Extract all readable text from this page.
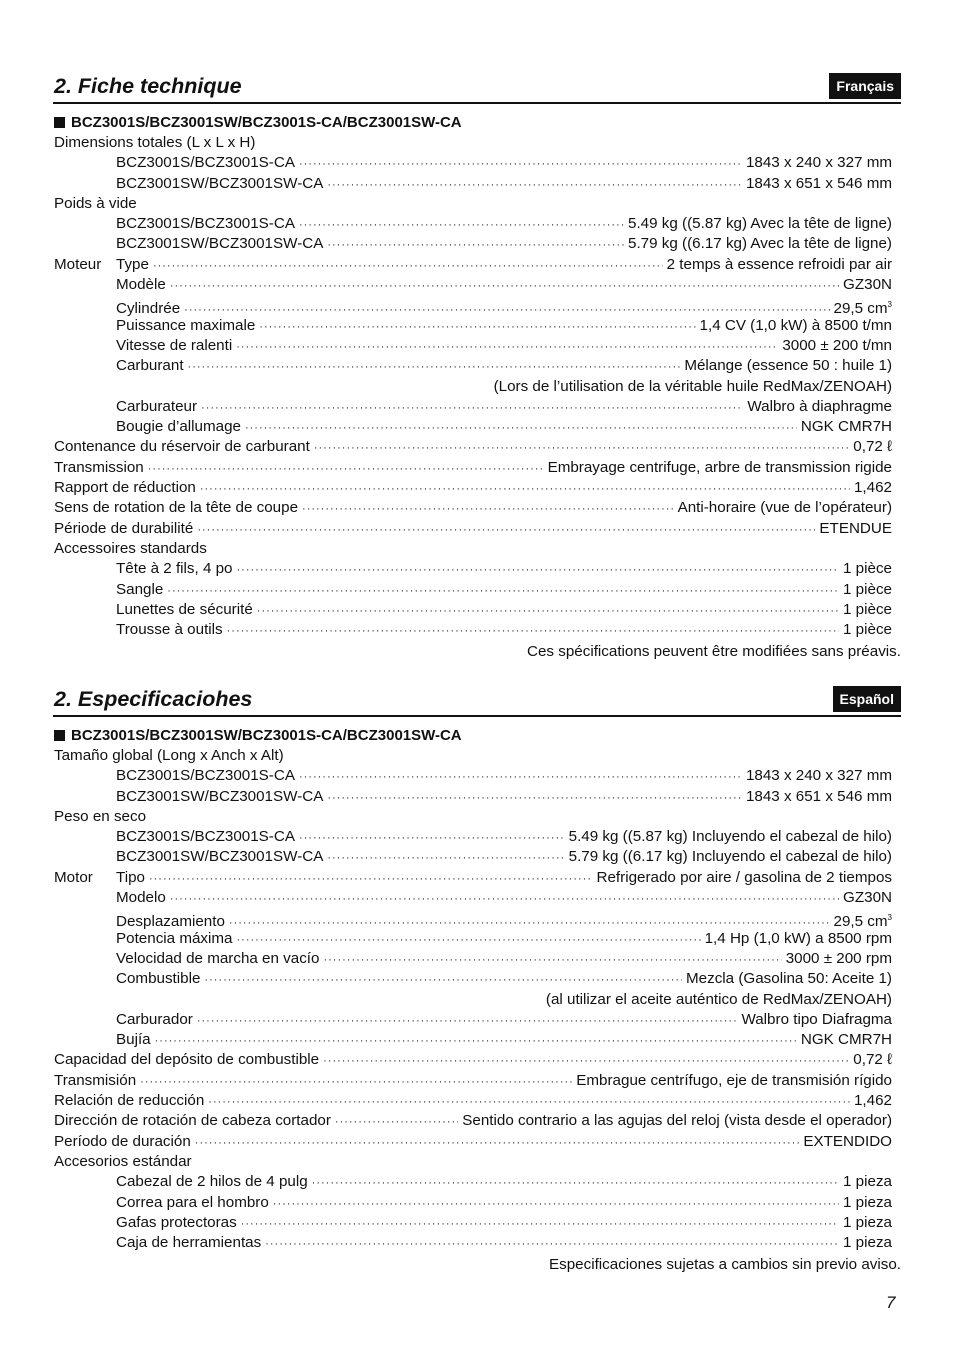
2. Fiche technique	Français
BCZ3001S/BCZ3001SW/BCZ3001S-CA/BCZ3001SW-CA
Dimensions totales (L x L x H)
BCZ3001S/BCZ3001S-CA ·····	1843 x 240 x 327 mm
BCZ3001SW/BCZ3001SW-CA ·····	1843 x 651 x 546 mm
Poids à vide
BCZ3001S/BCZ3001S-CA ·····	5.49 kg ((5.87 kg) Avec la tête de ligne)
BCZ3001SW/BCZ3001SW-CA ·····	5.79 kg ((6.17 kg) Avec la tête de ligne)
Moteur Type ·····	2 temps à essence refroidi par air
Modèle ·····	GZ30N
Cylindrée ·····	29,5 $cm^3$
Puissance maximale ·····	1,4 CV (1,0 kW) à 8500 t/mn
Vitesse de ralenti ·····	3000 ± 200 t/mn
Carburant ·····	Mélange (essence 50 : huile 1)
(Lors de l’utilisation de la véritable huile RedMax/ZENOAH)
Carburateur ·····	Walbro à diaphragme
Bougie d’allumage ·····	NGK CMR7H
Contenance du réservoir de carburant ·····	0,72 ℓ
Transmission ·····	Embrayage centrifuge, arbre de transmission rigide
Rapport de réduction ·····	1,462
Sens de rotation de la tête de coupe ·····	Anti-horaire (vue de l’opérateur)
Période de durabilité ·····	ETENDUE
Accessoires standards
Tête à 2 fils, 4 po ·····	1 pièce
Sangle ·····	1 pièce
Lunettes de sécurité ·····	1 pièce
Trousse à outils ·····	1 pièce
Ces spécifications peuvent être modifiées sans préavis.
2. Especificaciohes	Español
BCZ3001S/BCZ3001SW/BCZ3001S-CA/BCZ3001SW-CA
Tamaño global (Long x Anch x Alt)
BCZ3001S/BCZ3001S-CA ·····	1843 x 240 x 327 mm
BCZ3001SW/BCZ3001SW-CA ·····	1843 x 651 x 546 mm
Peso en seco
BCZ3001S/BCZ3001S-CA ·····	5.49 kg ((5.87 kg) Incluyendo el cabezal de hilo)
BCZ3001SW/BCZ3001SW-CA ·····	5.79 kg ((6.17 kg) Incluyendo el cabezal de hilo)
Motor Tipo ·····	Refrigerado por aire / gasolina de 2 tiempos
Modelo ·····	GZ30N
Desplazamiento ·····	29,5 $cm^3$
Potencia máxima ·····	1,4 Hp (1,0 kW) a 8500 rpm
Velocidad de marcha en vacío ·····	3000 ± 200 rpm
Combustible ·····	Mezcla (Gasolina 50: Aceite 1)
(al utilizar el aceite auténtico de RedMax/ZENOAH)
Carburador ·····	Walbro tipo Diafragma
Bujía ·····	NGK CMR7H
Capacidad del depósito de combustible ·····	0,72 ℓ
Transmisión ·····	Embrague centrífugo, eje de transmisión rígido
Relación de reducción ·····	1,462
Dirección de rotación de cabeza cortador ·····	Sentido contrario a las agujas del reloj (vista desde el operador)
Período de duración ·····	EXTENDIDO
Accesorios estándar
Cabezal de 2 hilos de 4 pulg ·····	1 pieza
Correa para el hombro ·····	1 pieza
Gafas protectoras ·····	1 pieza
Caja de herramientas ·····	1 pieza
Especificaciones sujetas a cambios sin previo aviso.
7
